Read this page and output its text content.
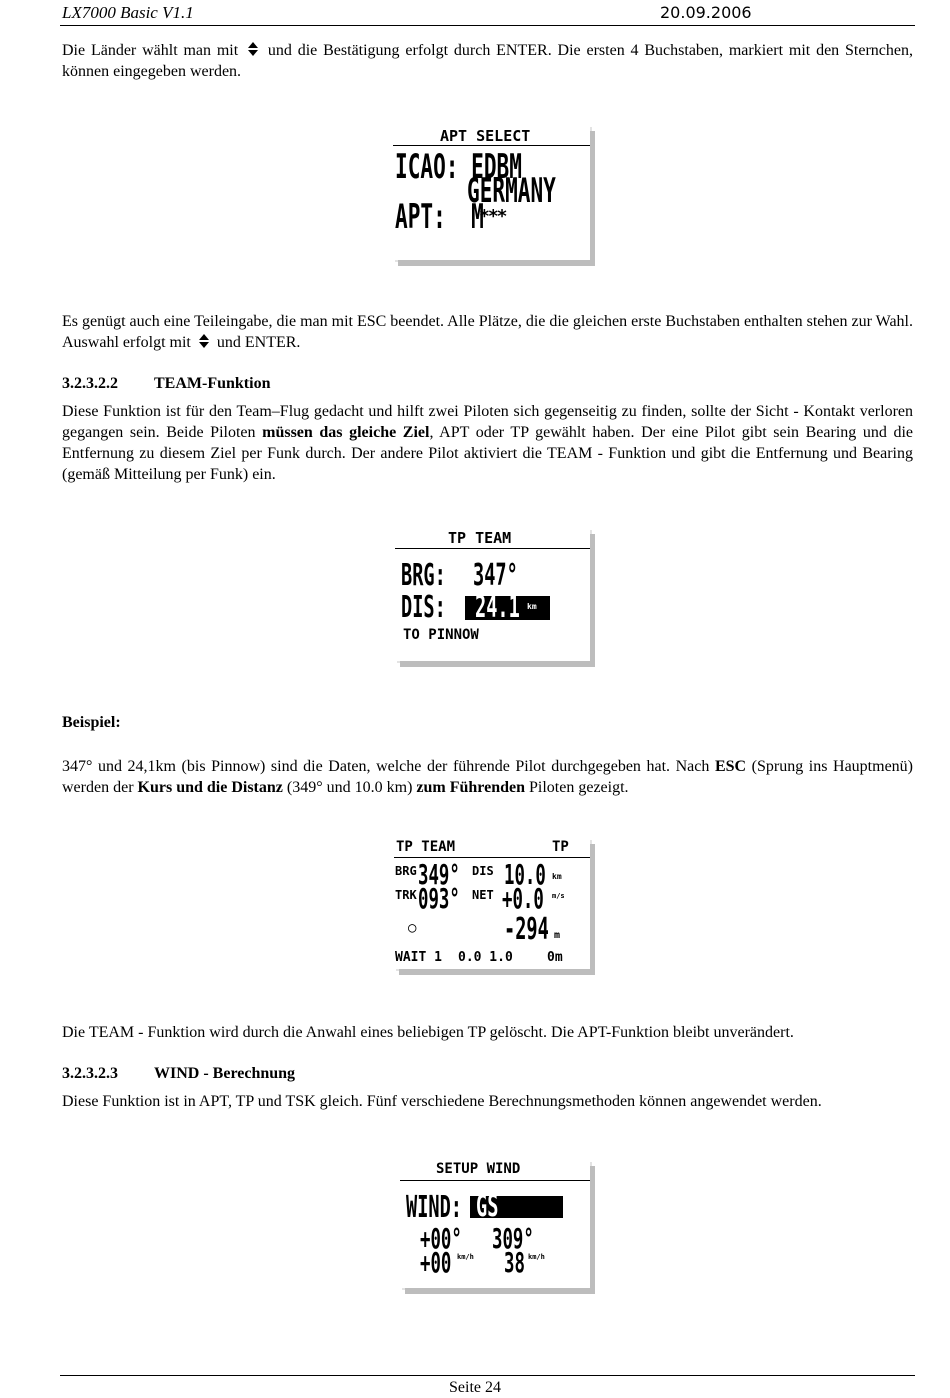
LX7000 Basic V1.1	20.09.2006
Die Länder wählt man mit und die Bestätigung erfolgt durch ENTER. Die ersten 4 Buchstaben, markiert mit den Sternchen, können eingegeben werden.
APT SELECT
ICAO: EDBM
GERMANY
APT:  M
***
Es genügt auch eine Teileingabe, die man mit ESC beendet. Alle Plätze, die die gleichen erste Buchstaben enthalten stehen zur Wahl. Auswahl erfolgt mit und ENTER.
3.2.3.2.2 TEAM-Funktion
Diese Funktion ist für den Team–Flug gedacht und hilft zwei Piloten sich gegenseitig zu finden, sollte der Sicht - Kontakt verloren gegangen sein. Beide Piloten müssen das gleiche Ziel, APT oder TP gewählt haben. Der eine Pilot gibt sein Bearing und die Entfernung zu diesem Ziel per Funk durch. Der andere Pilot aktiviert die TEAM - Funktion und gibt die Entfernung und Bearing (gemäß Mitteilung per Funk) ein.
TP TEAM
BRG: 347°
DIS:

24.1

km

TO PINNOW
Beispiel:
347° und 24,1km (bis Pinnow) sind die Daten, welche der führende Pilot durchgegeben hat. Nach ESC (Sprung ins Hauptmenü) werden der Kurs und die Distanz (349° und 10.0 km) zum Führenden Piloten gezeigt.
TP TEAM	TP
BRG 349° DIS 10.0 km
TRK 093° NET +0.0 m/s
○	-294 m
WAIT 1 0.0 1.0	0m
Die TEAM - Funktion wird durch die Anwahl eines beliebigen TP gelöscht. Die APT-Funktion bleibt unverändert.
3.2.3.2.3 WIND - Berechnung
Diese Funktion ist in APT, TP und TSK gleich. Fünf verschiedene Berechnungsmethoden können angewendet werden.
SETUP WIND
WIND:

GS

+00° 309°
+00 km/h 38 km/h
Seite 24
